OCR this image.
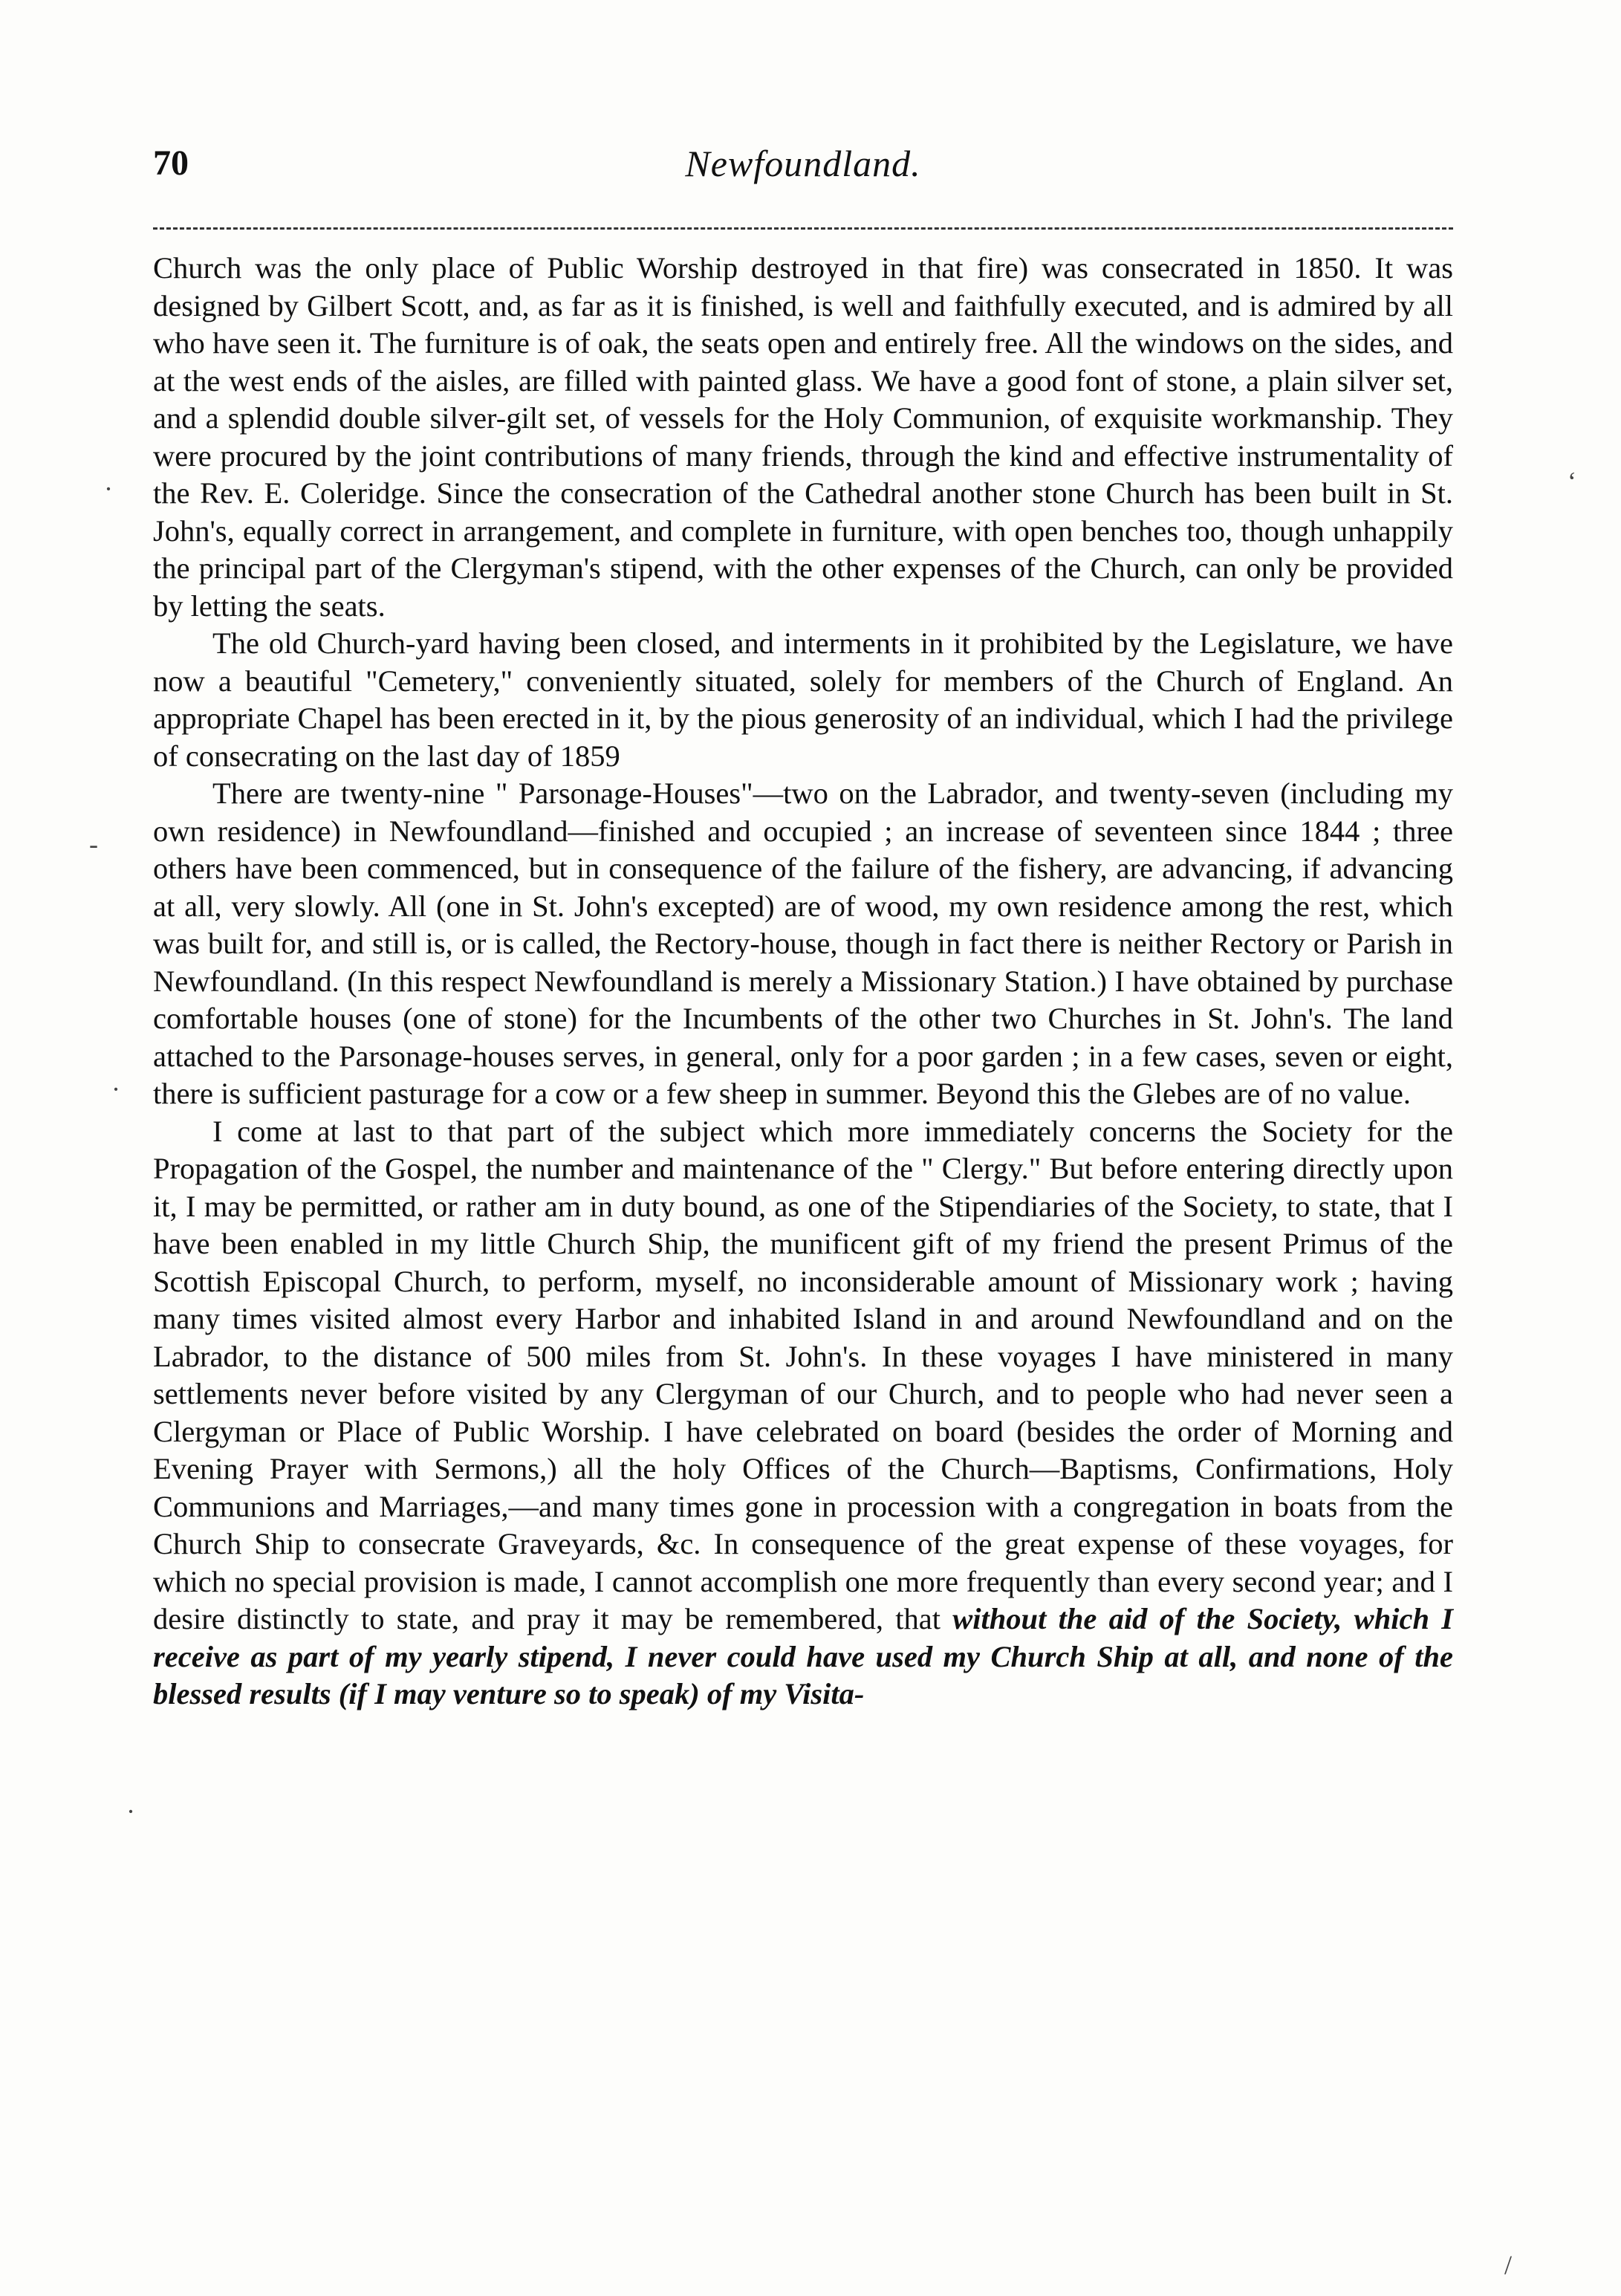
70	Newfoundland.

Church was the only place of Public Worship destroyed in that fire) was consecrated in 1850. It was designed by Gilbert Scott, and, as far as it is finished, is well and faithfully executed, and is admired by all who have seen it. The furniture is of oak, the seats open and entirely free. All the windows on the sides, and at the west ends of the aisles, are filled with painted glass. We have a good font of stone, a plain silver set, and a splendid double silver-gilt set, of vessels for the Holy Communion, of exquisite workmanship. They were procured by the joint contributions of many friends, through the kind and effective instrumentality of the Rev. E. Coleridge. Since the consecration of the Cathedral another stone Church has been built in St. John's, equally correct in arrangement, and complete in furniture, with open benches too, though unhappily the principal part of the Clergyman's stipend, with the other expenses of the Church, can only be provided by letting the seats.

The old Church-yard having been closed, and interments in it prohibited by the Legislature, we have now a beautiful "Cemetery," conveniently situated, solely for members of the Church of England. An appropriate Chapel has been erected in it, by the pious generosity of an individual, which I had the privilege of consecrating on the last day of 1859

There are twenty-nine " Parsonage-Houses"—two on the Labrador, and twenty-seven (including my own residence) in Newfoundland—finished and occupied ; an increase of seventeen since 1844 ; three others have been commenced, but in consequence of the failure of the fishery, are advancing, if advancing at all, very slowly. All (one in St. John's excepted) are of wood, my own residence among the rest, which was built for, and still is, or is called, the Rectory-house, though in fact there is neither Rectory or Parish in Newfoundland. (In this respect Newfoundland is merely a Missionary Station.) I have obtained by purchase comfortable houses (one of stone) for the Incumbents of the other two Churches in St. John's. The land attached to the Parsonage-houses serves, in general, only for a poor garden ; in a few cases, seven or eight, there is sufficient pasturage for a cow or a few sheep in summer. Beyond this the Glebes are of no value.

I come at last to that part of the subject which more immediately concerns the Society for the Propagation of the Gospel, the number and maintenance of the " Clergy." But before entering directly upon it, I may be permitted, or rather am in duty bound, as one of the Stipendiaries of the Society, to state, that I have been enabled in my little Church Ship, the munificent gift of my friend the present Primus of the Scottish Episcopal Church, to perform, myself, no inconsiderable amount of Missionary work ; having many times visited almost every Harbor and inhabited Island in and around Newfoundland and on the Labrador, to the distance of 500 miles from St. John's. In these voyages I have ministered in many settlements never before visited by any Clergyman of our Church, and to people who had never seen a Clergyman or Place of Public Worship. I have celebrated on board (besides the order of Morning and Evening Prayer with Sermons,) all the holy Offices of the Church—Baptisms, Confirmations, Holy Communions and Marriages,—and many times gone in procession with a congregation in boats from the Church Ship to consecrate Graveyards, &c. In consequence of the great expense of these voyages, for which no special provision is made, I cannot accomplish one more frequently than every second year; and I desire distinctly to state, and pray it may be remembered, that without the aid of the Society, which I receive as part of my yearly stipend, I never could have used my Church Ship at all, and none of the blessed results (if I may venture so to speak) of my Visita-

·	ʻ
-
·
·
/
